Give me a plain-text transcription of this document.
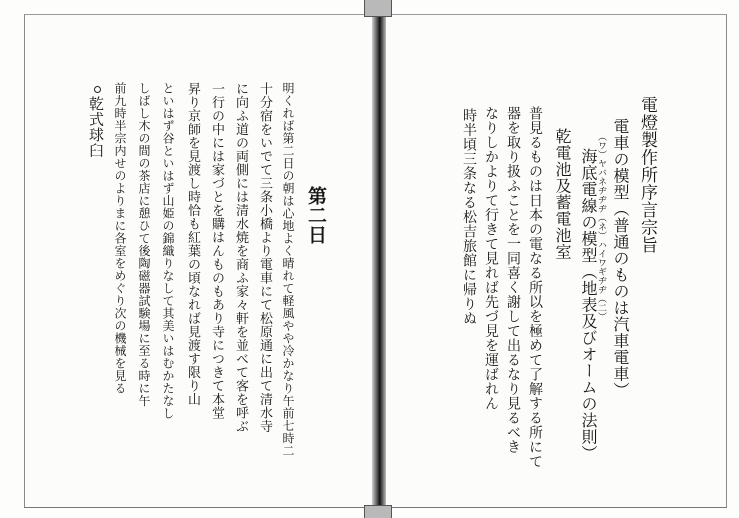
電燈製作所序言宗旨
電車の模型（普通のものは汽車電車）
（ワ）ヤバネヂヂヂ（ネ）ハイワギヂヂ（二）
海底電線の模型（地表及びオームの法則）
乾電池及蓄電池室
普見るものは日本の電なる所以を極めて了解する所にて
器を取り扱ふことを一同喜く謝して出るなり見るべき
なりしかよりて行きて見れば先づ見を運ばれん
時半頃三条なる松吉旅館に帰りぬ
第二日
明くれば第二日の朝は心地よく晴れて軽風やや冷かなり午前七時二
十分宿をいでて三条小橋より電車にて松原通に出て清水寺
に向ふ道の両側には清水焼を商ふ家々軒を並べて客を呼ぶ
一行の中には家づとを購はんものもあり寺につきて本堂
昇り京師を見渡し時恰も紅葉の頃なれば見渡す限り山
といはず谷といはず山姫の錦織りなして其美いはむかたなし
しばし木の間の茶店に憩ひて後陶磁器試験場に至る時に午
前九時半宗内せのよりまに各室をめぐり次の機械を見る
乾式球臼
